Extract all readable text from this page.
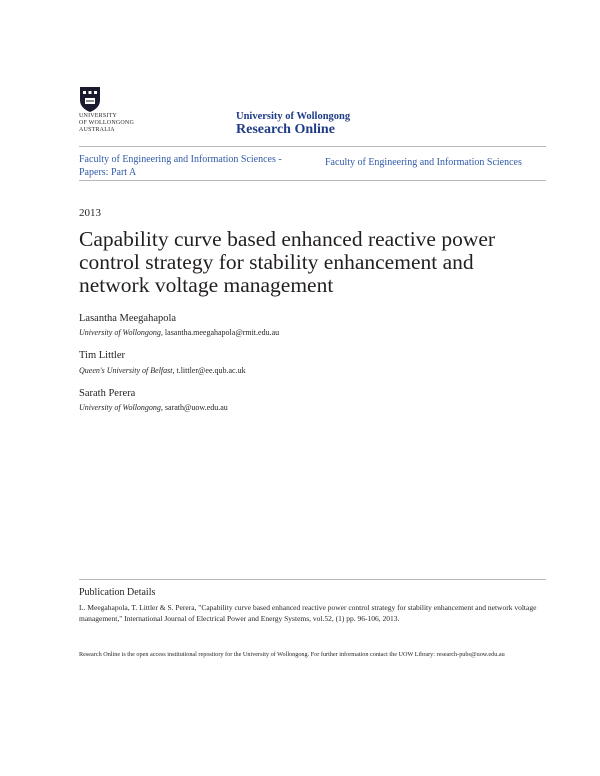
UNIVERSITY
OF WOLLONGONG
AUSTRALIA
University of Wollongong
Research Online
Faculty of Engineering and Information Sciences - Papers: Part A
Faculty of Engineering and Information Sciences
2013
Capability curve based enhanced reactive power control strategy for stability enhancement and network voltage management
Lasantha Meegahapola
University of Wollongong, lasantha.meegahapola@rmit.edu.au
Tim Littler
Queen's University of Belfast, t.littler@ee.qub.ac.uk
Sarath Perera
University of Wollongong, sarath@uow.edu.au
Publication Details
L. Meegahapola, T. Littler & S. Perera, "Capability curve based enhanced reactive power control strategy for stability enhancement and network voltage management," International Journal of Electrical Power and Energy Systems, vol.52, (1) pp. 96-106, 2013.
Research Online is the open access institutional repository for the University of Wollongong. For further information contact the UOW Library: research-pubs@uow.edu.au
